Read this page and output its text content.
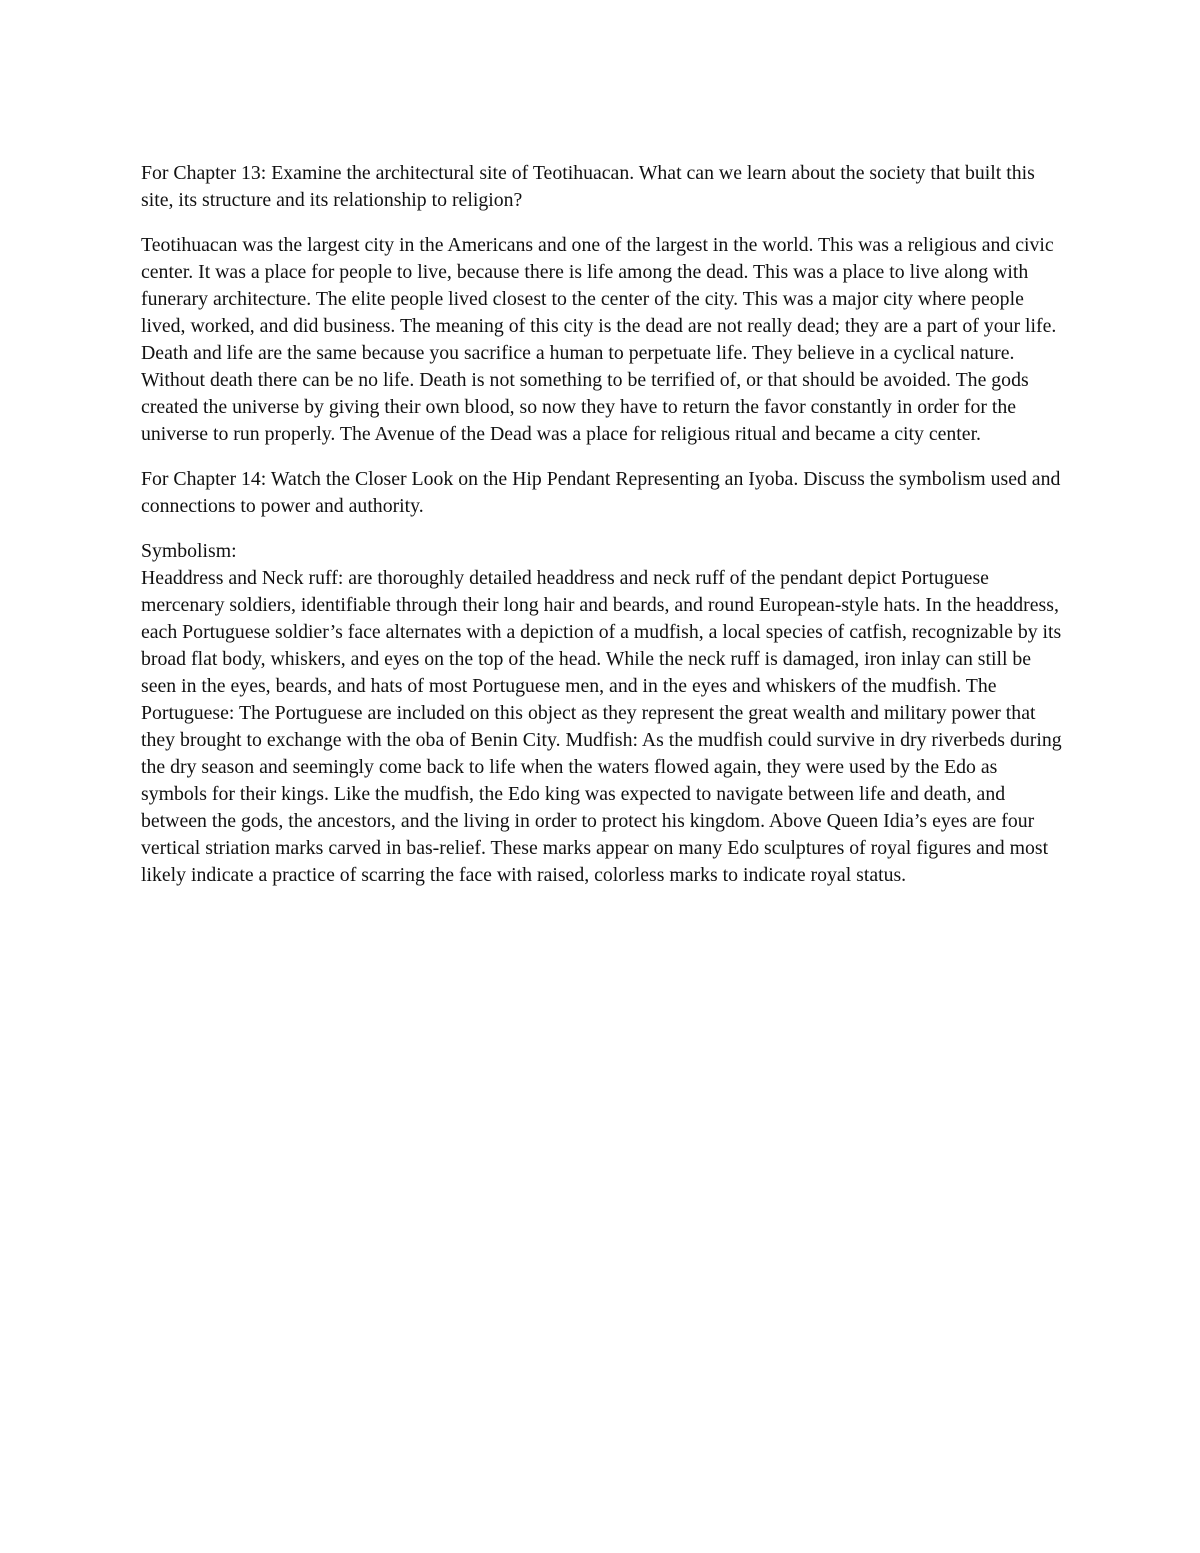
For Chapter 13: Examine the architectural site of Teotihuacan. What can we learn about the society that built this site, its structure and its relationship to religion?

Teotihuacan was the largest city in the Americans and one of the largest in the world. This was a religious and civic center. It was a place for people to live, because there is life among the dead. This was a place to live along with funerary architecture. The elite people lived closest to the center of the city. This was a major city where people lived, worked, and did business. The meaning of this city is the dead are not really dead; they are a part of your life. Death and life are the same because you sacrifice a human to perpetuate life. They believe in a cyclical nature. Without death there can be no life. Death is not something to be terrified of, or that should be avoided. The gods created the universe by giving their own blood, so now they have to return the favor constantly in order for the universe to run properly. The Avenue of the Dead was a place for religious ritual and became a city center.

For Chapter 14: Watch the Closer Look on the Hip Pendant Representing an Iyoba. Discuss the symbolism used and connections to power and authority.

Symbolism:

Headdress and Neck ruff: are thoroughly detailed headdress and neck ruff of the pendant depict Portuguese mercenary soldiers, identifiable through their long hair and beards, and round European-style hats. In the headdress, each Portuguese soldier’s face alternates with a depiction of a mudfish, a local species of catfish, recognizable by its broad flat body, whiskers, and eyes on the top of the head. While the neck ruff is damaged, iron inlay can still be seen in the eyes, beards, and hats of most Portuguese men, and in the eyes and whiskers of the mudfish. The Portuguese: The Portuguese are included on this object as they represent the great wealth and military power that they brought to exchange with the oba of Benin City. Mudfish: As the mudfish could survive in dry riverbeds during the dry season and seemingly come back to life when the waters flowed again, they were used by the Edo as symbols for their kings. Like the mudfish, the Edo king was expected to navigate between life and death, and between the gods, the ancestors, and the living in order to protect his kingdom. Above Queen Idia’s eyes are four vertical striation marks carved in bas-relief. These marks appear on many Edo sculptures of royal figures and most likely indicate a practice of scarring the face with raised, colorless marks to indicate royal status.
